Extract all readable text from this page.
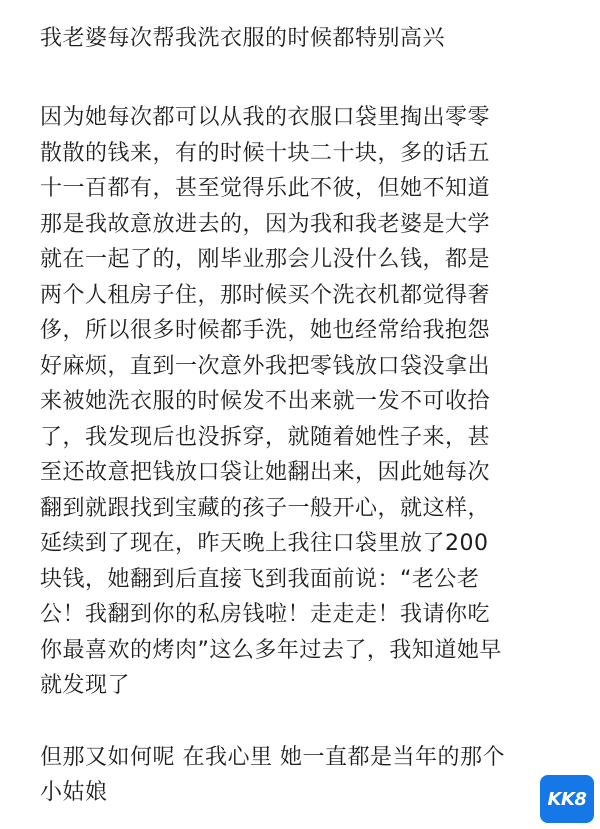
我老婆每次帮我洗衣服的时候都特别高兴
因为她每次都可以从我的衣服口袋里掏出零零
散散的钱来，有的时候十块二十块，多的话五
十一百都有，甚至觉得乐此不彼，但她不知道
那是我故意放进去的，因为我和我老婆是大学
就在一起了的，刚毕业那会儿没什么钱，都是
两个人租房子住，那时候买个洗衣机都觉得奢
侈，所以很多时候都手洗，她也经常给我抱怨
好麻烦，直到一次意外我把零钱放口袋没拿出
来被她洗衣服的时候发不出来就一发不可收拾
了，我发现后也没拆穿，就随着她性子来，甚
至还故意把钱放口袋让她翻出来，因此她每次
翻到就跟找到宝藏的孩子一般开心，就这样，
延续到了现在，昨天晚上我往口袋里放了200
块钱，她翻到后直接飞到我面前说：“老公老
公！我翻到你的私房钱啦！走走走！我请你吃
你最喜欢的烤肉”这么多年过去了，我知道她早
就发现了
但那又如何呢 在我心里 她一直都是当年的那个
小姑娘	KK8
